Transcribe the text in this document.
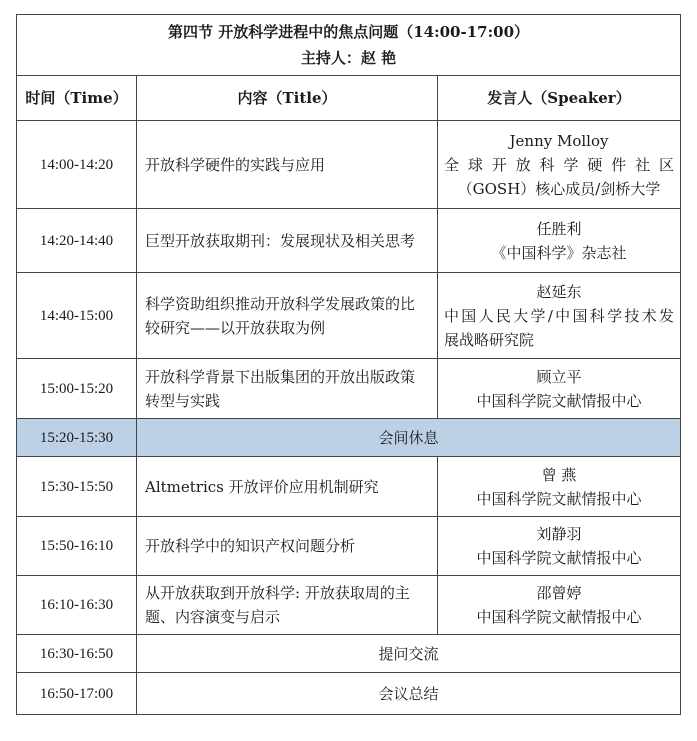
第四节 开放科学进程中的焦点问题（14:00-17:00）
主持人：赵 艳		

时间（Time）	内容（Title）	发言人（Speaker）
14:00-14:20	开放科学硬件的实践与应用	Jenny Molloy
全球开放科学硬件社区
（GOSH）核心成员/剑桥大学

14:20-14:40	巨型开放获取期刊：发展现状及相关思考	任胜利
《中国科学》杂志社

14:40-15:00	科学资助组织推动开放科学发展政策的比较研究——以开放获取为例	赵延东
中国人民大学/中国科学技术发
展战略研究院

15:00-15:20	开放科学背景下出版集团的开放出版政策转型与实践	顾立平
中国科学院文献情报中心

15:20-15:30	会间休息	
15:30-15:50	Altmetrics 开放评价应用机制研究	曾 燕
中国科学院文献情报中心

15:50-16:10	开放科学中的知识产权问题分析	刘静羽
中国科学院文献情报中心

16:10-16:30	从开放获取到开放科学: 开放获取周的主题、内容演变与启示	邵曾婷
中国科学院文献情报中心

16:30-16:50	提问交流	
16:50-17:00	会议总结	
